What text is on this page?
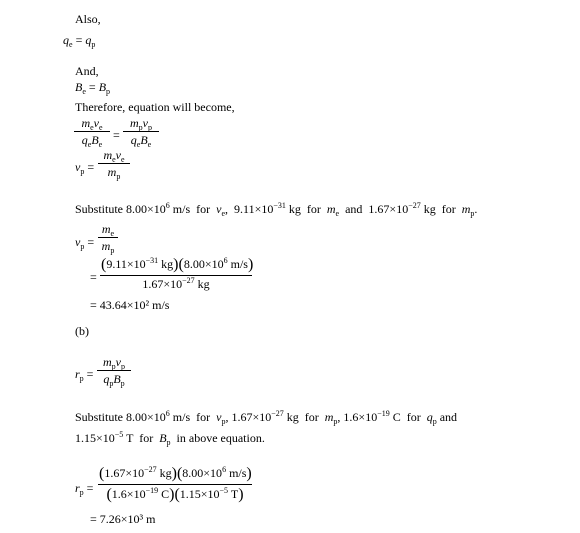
Also,
$q_e = q_p$
And,
$B_e = B_p$
Therefore, equation will become,
$m_ev_e$
$q_eB_e$
=
$m_pv_p$
$q_eB_e$
$v_p$ =
$m_ev_e$
$m_p$
Substitute $8.00\times 10^6$ m/s  for  $v_e$,  $9.11\times 10^{-31}$ kg  for  $m_e$  and  $1.67\times 10^{-27}$ kg  for  $m_p$.
$v_p$ =
$m_e$
$m_p$
=
($9.11\times 10^{-31}$ $kg)(8.00\times 10^6$ m/s)
$1.67\times 10^{-27}$ kg
= 43.64×10² m/s
(b)
$r_p$ =
$m_pv_p$
$q_pB_p$
Substitute $8.00\times 10^6$ m/s  for  $v_p$, $1.67\times 10^{-27}$ kg  for  $m_p$, $1.6\times 10^{-19}$ C  for  $q_p$ and
$1.15\times 10^{-5}$ T  for  $B_p$  in above equation.
$r_p$ =
($1.67\times 10^{-27}$ $kg)(8.00\times 10^6$ m/s)
($1.6\times 10^{-19}$ $C)(1.15\times 10^{-5}$ T)
= 7.26×10³ m
